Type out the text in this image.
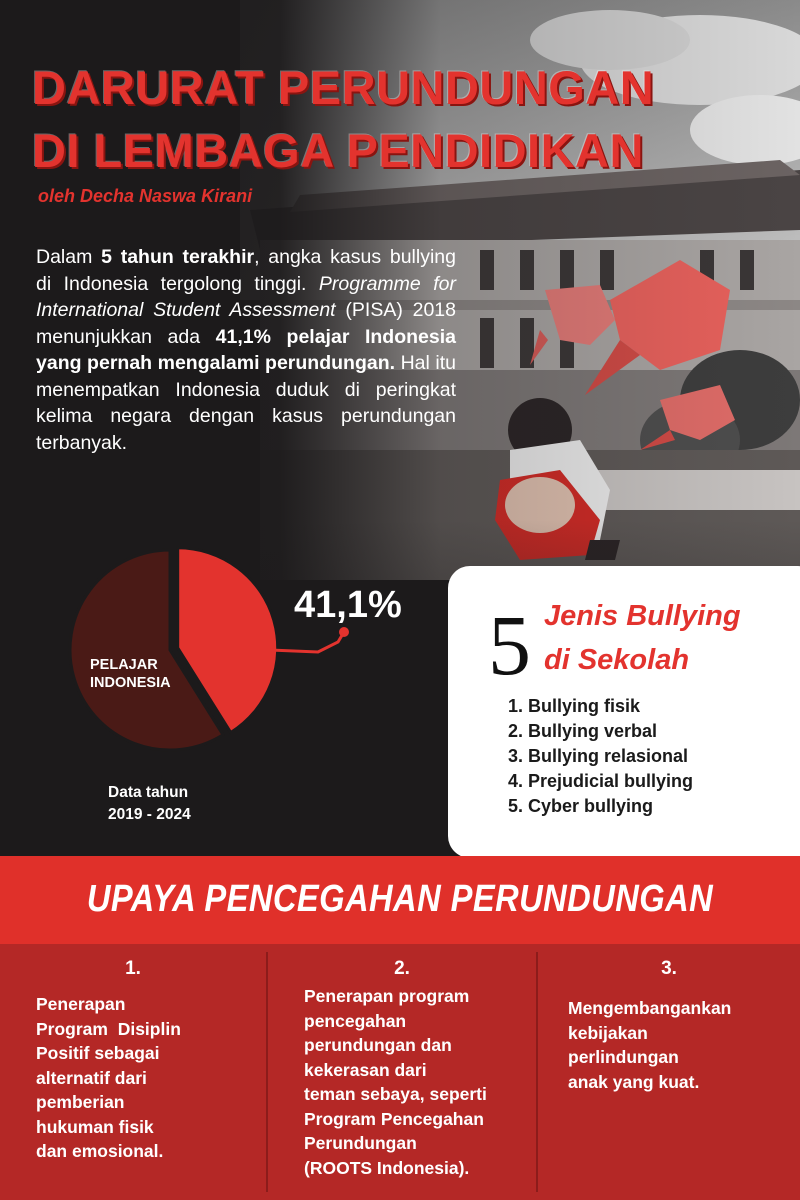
DARURAT PERUNDUNGAN
DI LEMBAGA PENDIDIKAN
oleh Decha Naswa Kirani
Dalam 5 tahun terakhir, angka kasus bullying di Indonesia tergolong tinggi. Programme for International Student Assessment (PISA) 2018 menunjukkan ada 41,1% pelajar Indonesia yang pernah mengalami perundungan. Hal itu menempatkan Indonesia duduk di peringkat kelima negara dengan kasus perundungan terbanyak.
41,1%
PELAJAR INDONESIA
Data tahun
2019 - 2024
5 Jenis Bullying
di Sekolah
1. Bullying fisik
2. Bullying verbal
3. Bullying relasional
4. Prejudicial bullying
5. Cyber bullying
UPAYA PENCEGAHAN PERUNDUNGAN
1.
Penerapan
Program  Disiplin
Positif sebagai
alternatif dari
pemberian
hukuman fisik
dan emosional.
2.
Penerapan program
pencegahan
perundungan dan
kekerasan dari
teman sebaya, seperti
Program Pencegahan
Perundungan
(ROOTS Indonesia).
3.
Mengembangankan
kebijakan
perlindungan
anak yang kuat.
